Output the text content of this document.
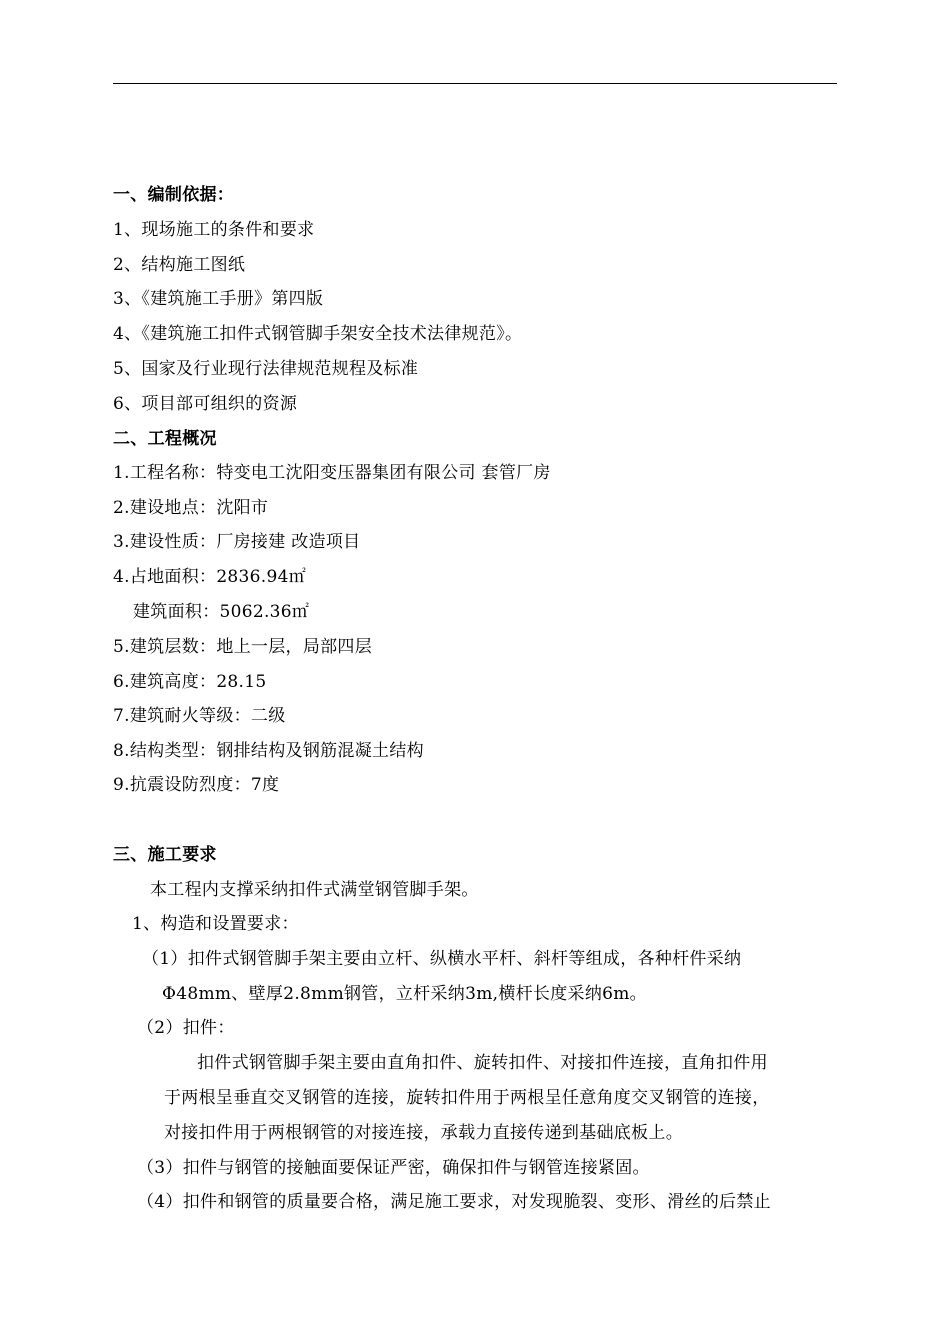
一、编制依据：
1、现场施工的条件和要求
2、结构施工图纸
3、《建筑施工手册》第四版
4、《建筑施工扣件式钢管脚手架安全技术法律规范》。
5、国家及行业现行法律规范规程及标准
6、项目部可组织的资源
二、工程概况
1.工程名称：特变电工沈阳变压器集团有限公司 套管厂房
2.建设地点：沈阳市
3.建设性质：厂房接建 改造项目
4.占地面积：2836.94㎡
建筑面积：5062.36㎡
5.建筑层数：地上一层，局部四层
6.建筑高度：28.15
7.建筑耐火等级：二级
8.结构类型：钢排结构及钢筋混凝土结构
9.抗震设防烈度：7度
三、施工要求
本工程内支撑采纳扣件式满堂钢管脚手架。
1、构造和设置要求：
（1）扣件式钢管脚手架主要由立杆、纵横水平杆、斜杆等组成，各种杆件采纳
Φ48mm、壁厚2.8mm钢管，立杆采纳3m,横杆长度采纳6m。
（2）扣件：
扣件式钢管脚手架主要由直角扣件、旋转扣件、对接扣件连接，直角扣件用
于两根呈垂直交叉钢管的连接，旋转扣件用于两根呈任意角度交叉钢管的连接，
对接扣件用于两根钢管的对接连接，承载力直接传递到基础底板上。
（3）扣件与钢管的接触面要保证严密，确保扣件与钢管连接紧固。
（4）扣件和钢管的质量要合格，满足施工要求，对发现脆裂、变形、滑丝的后禁止
